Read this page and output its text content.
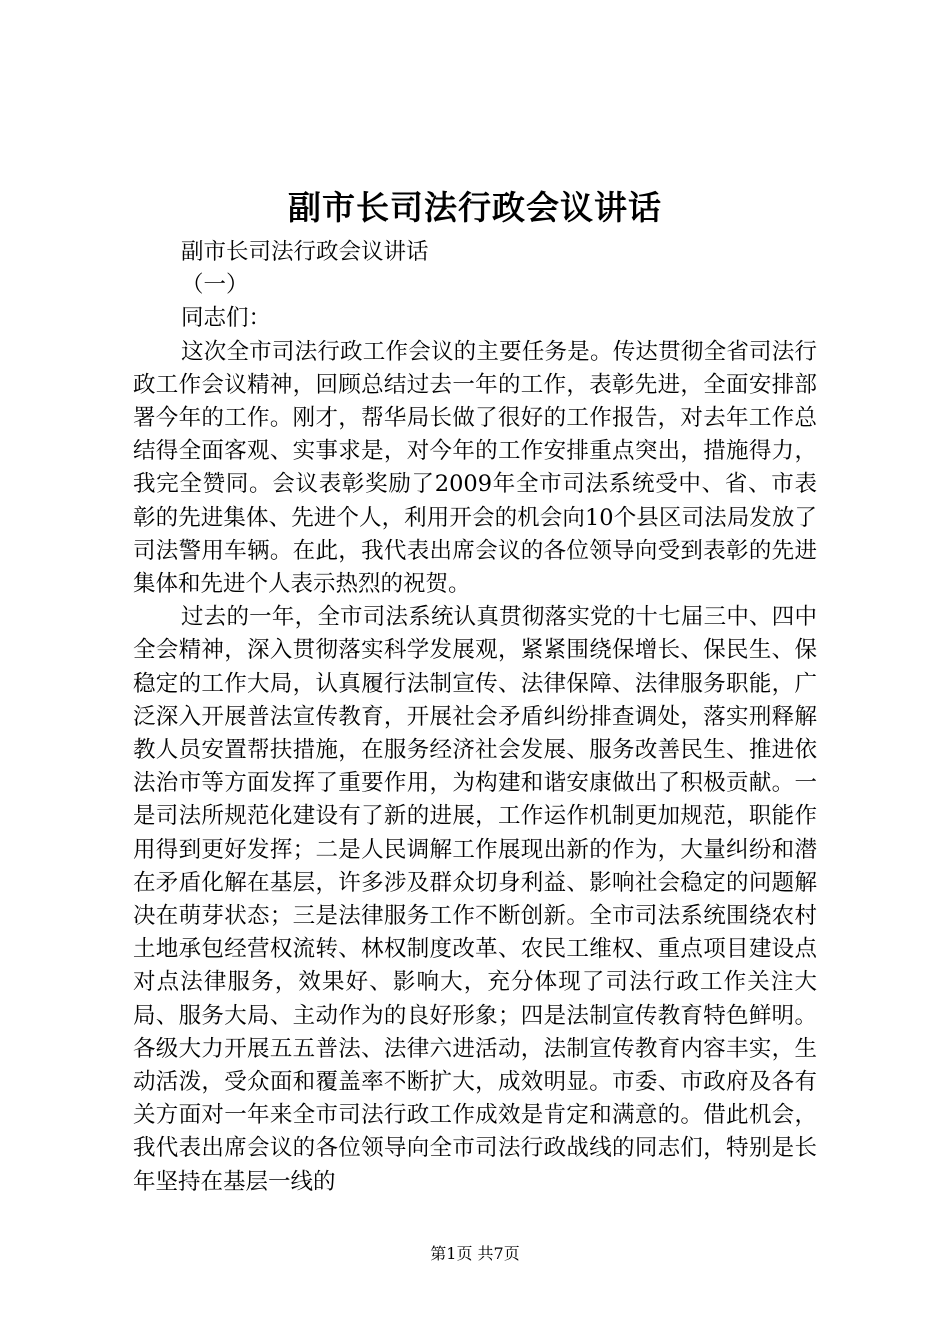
副市长司法行政会议讲话

副市长司法行政会议讲话

（一）

同志们：

这次全市司法行政工作会议的主要任务是。传达贯彻全省司法行政工作会议精神，回顾总结过去一年的工作，表彰先进，全面安排部署今年的工作。刚才，帮华局长做了很好的工作报告，对去年工作总结得全面客观、实事求是，对今年的工作安排重点突出，措施得力，我完全赞同。会议表彰奖励了2009年全市司法系统受中、省、市表彰的先进集体、先进个人，利用开会的机会向10个县区司法局发放了司法警用车辆。在此，我代表出席会议的各位领导向受到表彰的先进集体和先进个人表示热烈的祝贺。

过去的一年，全市司法系统认真贯彻落实党的十七届三中、四中全会精神，深入贯彻落实科学发展观，紧紧围绕保增长、保民生、保稳定的工作大局，认真履行法制宣传、法律保障、法律服务职能，广泛深入开展普法宣传教育，开展社会矛盾纠纷排查调处，落实刑释解教人员安置帮扶措施，在服务经济社会发展、服务改善民生、推进依法治市等方面发挥了重要作用，为构建和谐安康做出了积极贡献。一是司法所规范化建设有了新的进展，工作运作机制更加规范，职能作用得到更好发挥；二是人民调解工作展现出新的作为，大量纠纷和潜在矛盾化解在基层，许多涉及群众切身利益、影响社会稳定的问题解决在萌芽状态；三是法律服务工作不断创新。全市司法系统围绕农村土地承包经营权流转、林权制度改革、农民工维权、重点项目建设点对点法律服务，效果好、影响大，充分体现了司法行政工作关注大局、服务大局、主动作为的良好形象；四是法制宣传教育特色鲜明。各级大力开展五五普法、法律六进活动，法制宣传教育内容丰实，生动活泼，受众面和覆盖率不断扩大，成效明显。市委、市政府及各有关方面对一年来全市司法行政工作成效是肯定和满意的。借此机会，我代表出席会议的各位领导向全市司法行政战线的同志们，特别是长年坚持在基层一线的

第1页 共7页
